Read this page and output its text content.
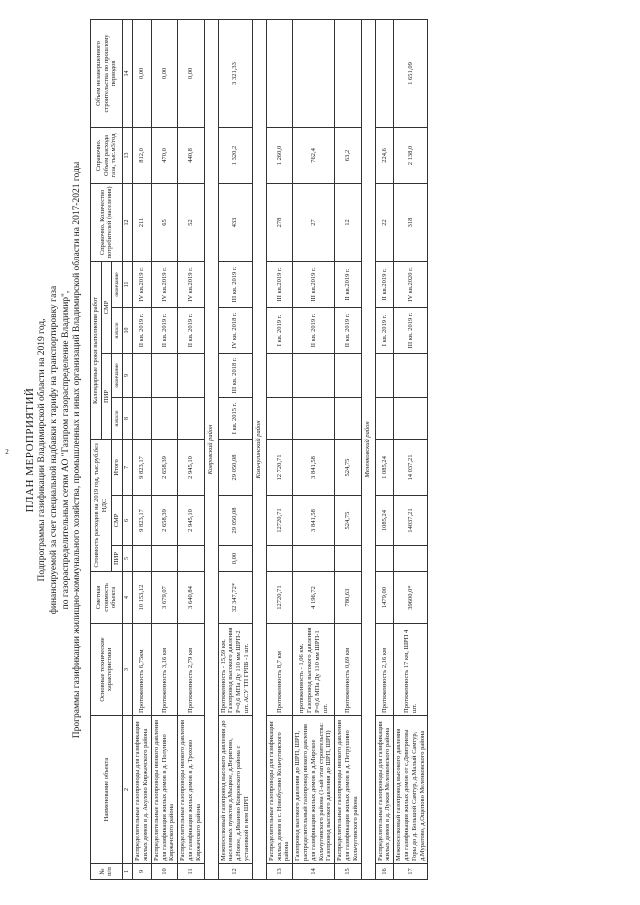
2	ПЛАН МЕРОПРИЯТИЙ Подпрограммы газификации Владимирской области на 2019 год, финансируемой за счет специальной надбавки к тарифу на транспортировку газа по газораспределительным сетям АО "Газпром газораспределение Владимир", Программы газификации жилищно-коммунального хозяйства, промышленных и иных организаций Владимирской области на 2017-2021 годы
№ п/п	Наименование объекта	Основные технические характеристики	Сметная стоимость объекта	Стоимость расходов на 2019 год, тыс.руб.без НДС			Календарные сроки выполнения работ				Справочно. Количество потребителей (населения)	Справочно. Объем расхода газа, тыс.м3/год	Объем незавершенного строительства по прошлому периодов
							ПИР		СМР				
				ПИР	СМР	Итого	начало	окончание	начало	окончание			
1	2	3	4	5	6	7	8	9	10	11	12	13	14
9	Распределительные газопроводы для газификации жилых домов в д. Акулово Киржачского района	Протяженность 6,75км	10 153,12		9 823,17	9 823,17			II кв. 2019 г.	IV кв.2019 г.	211	812,0	0,00
10	Распределительные газопроводы низкого давления для газификации жилых домов в д. Полунино Киржачского района	Протяженность 3,16 км	3 679,07		2 658,39	2 658,39			II кв. 2019 г.	IV кв.2019 г.	65	470,0	0,00
11	Распределительные газопроводы низкого давления для газификации жилых домов в д. Трохово Киржачского района	Протяженность 2,79 км	3 640,84		2 945,10	2 945,10			II кв. 2019 г.	IV кв.2019 г.	52	440,8	0,00
Ковровский район													
12	Межпоселковый газопровод высокого давления до населенных пунктов д.Мыцкое, д.Веригино, д.Новое, д.Иваново Ковровского района с установкой в нем ШРП	Протяженность - 15,59 км. Газопровод высокого давления Р=0,6 МПа Ду 110 мм ШРП-2 шт. АСУ ТП ГРПБ -1 шт.	32 347,72*	0,00	29 050,08	29 050,08	I кв. 2015 г.	III кв. 2018 г.	IV кв. 2018 г.	III кв. 2019 г.	433	1 320,2	3 321,33
Кольчугинский район													
13	Распределительные газопроводы для газификации жилых домов в с. Новобусино Кольчугинского района	Протяженность 8,7 км	12720,71		12720,71	12 720,71			I кв. 2019 г.	III кв.2019 г.	278	1 260,0	
14	Газопровод высокого давления до ШРП, ШРП, распределительный газопровод низкого давления для газификации жилых домов в д.Мирское Кольчугинского района (1-ый этап строительства: Газопровод высокого давления до ШРП, ШРП)	протяженность - 1,06 км. Газопровод высокого давления Р=0,6 МПа Ду 110 мм ШРП-1 шт.	4 196,72		3 841,58	3 841,58			II кв. 2019 г.	III кв.2019 г.	27	762,4	
15	Распределительные газопроводы низкого давления для газификации жилых домов в д. Петрушино Кольчугинского района	Протяженность 0,69 км	780,63		524,75	524,75			II кв. 2019 г.	II кв.2019 г.	12	63,2	
Меленковский район													
16	Распределительные газопроводы для газификации жилых домов в д. Лужки Меленковского района	Протяженность 2,16 км	1479,00		1085,24	1 085,24			I кв. 2019 г.	II кв.2019 г.	22	224,6	
17	Межпоселковый газопровод высокого давления для газификации жилых домов от с.Дмитриевы Горы до д. Большой Самтур, д.Малый Самтур, д.Муратово, д.Ощепово Меленковского района	Протяженность 17 км, ШРП 4 шт.	39600,0*		14037,21	14 037,21			III кв. 2019 г.	IV кв.2020 г.	318	2 138,0	1 651,09
